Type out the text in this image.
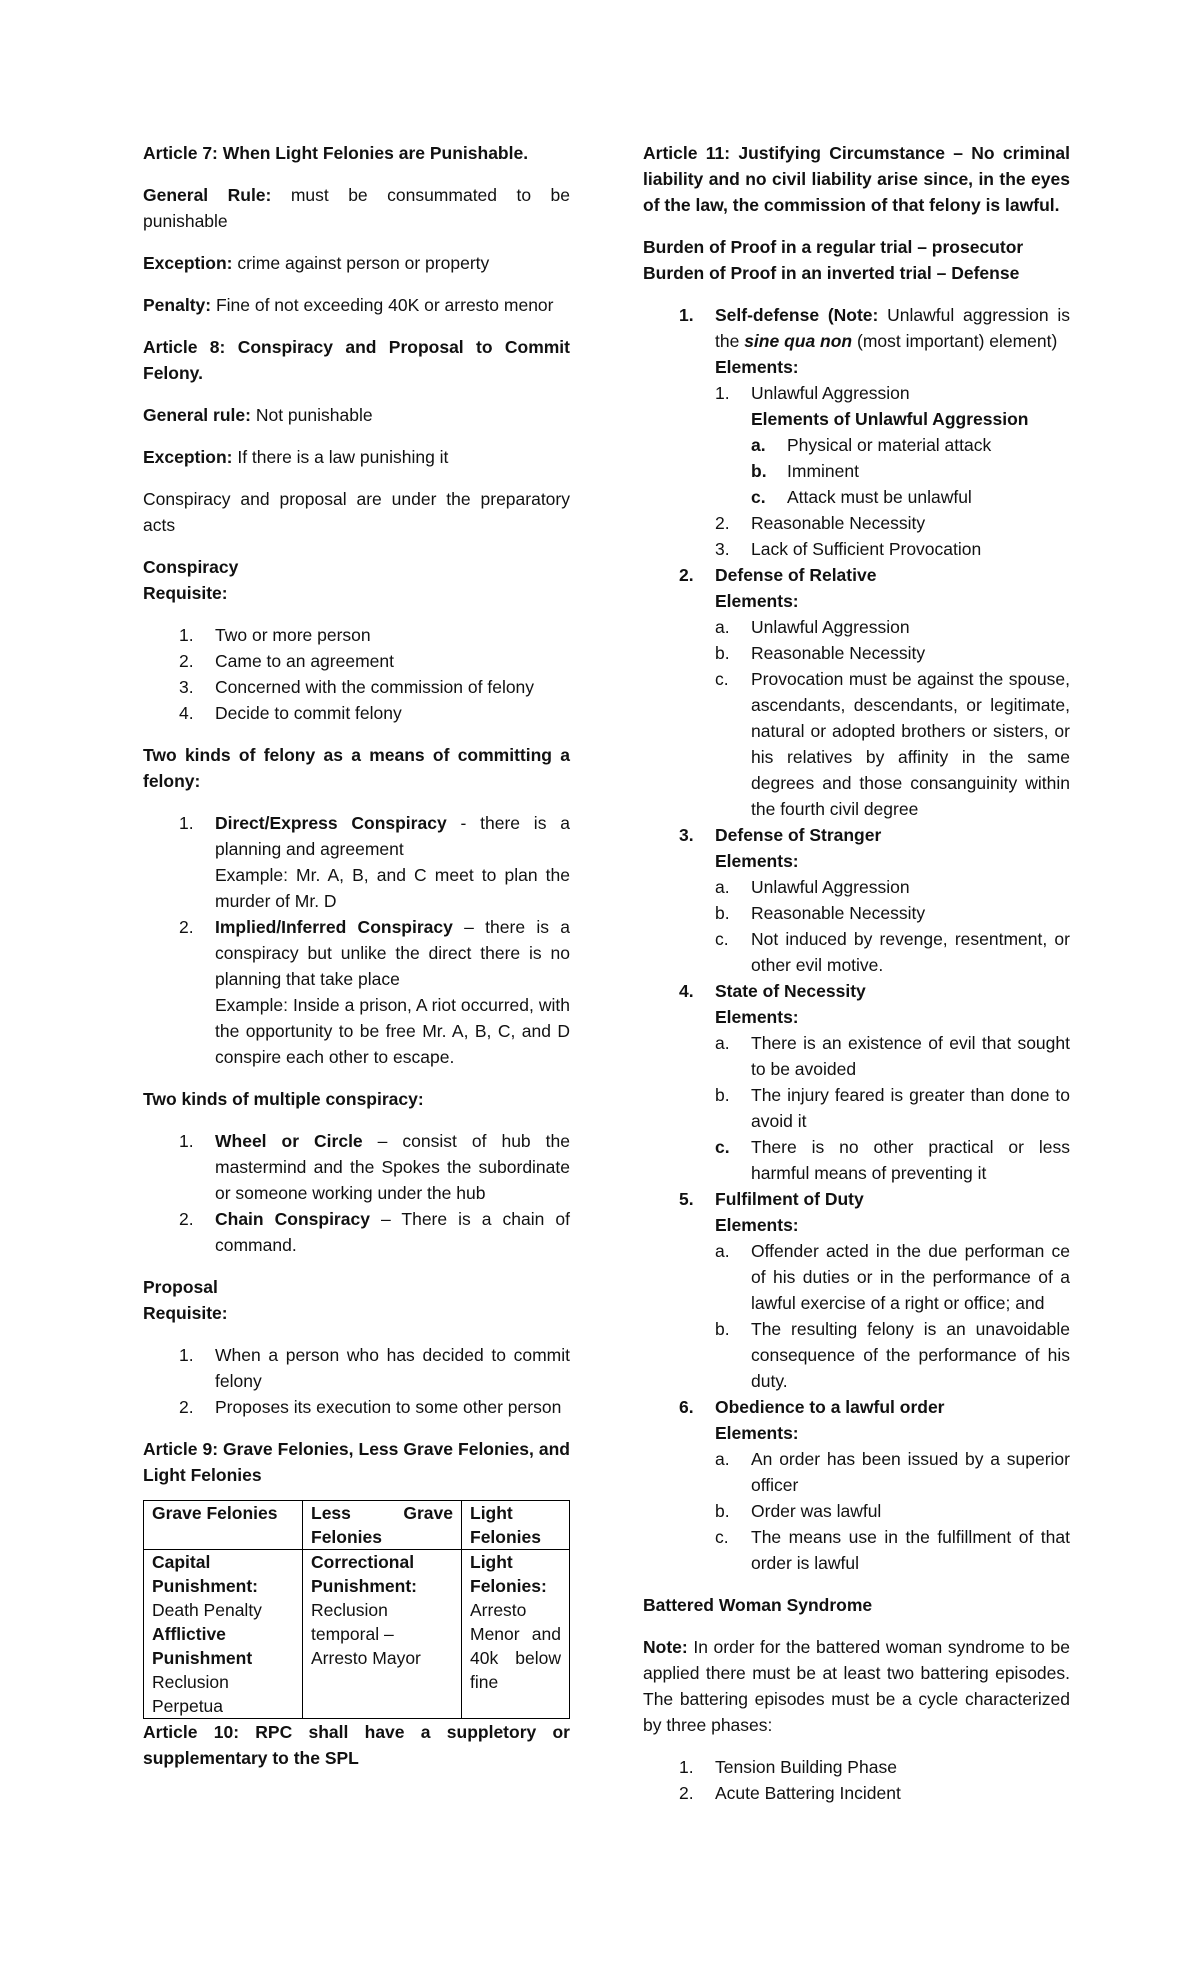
Article 7: When Light Felonies are Punishable.

General Rule: must be consummated to be punishable

Exception: crime against person or property

Penalty: Fine of not exceeding 40K or arresto menor

Article 8: Conspiracy and Proposal to Commit Felony.

General rule: Not punishable

Exception: If there is a law punishing it

Conspiracy and proposal are under the preparatory acts

Conspiracy
Requisite:

1. Two or more person
2. Came to an agreement
3. Concerned with the commission of felony
4. Decide to commit felony

Two kinds of felony as a means of committing a felony:

1. Direct/Express Conspiracy - there is a planning and agreement
Example: Mr. A, B, and C meet to plan the murder of Mr. D
2. Implied/Inferred Conspiracy – there is a conspiracy but unlike the direct there is no planning that take place
Example: Inside a prison, A riot occurred, with the opportunity to be free Mr. A, B, C, and D conspire each other to escape.

Two kinds of multiple conspiracy:

1. Wheel or Circle – consist of hub the mastermind and the Spokes the subordinate or someone working under the hub
2. Chain Conspiracy – There is a chain of command.

Proposal
Requisite:

1. When a person who has decided to commit felony
2. Proposes its execution to some other person

Article 9: Grave Felonies, Less Grave Felonies, and Light Felonies

Grave Felonies	Less Grave Felonies	Light Felonies
Capital Punishment:
Death Penalty
Afflictive Punishment
Reclusion Perpetua	Correctional Punishment:
Reclusion temporal – Arresto Mayor	Light Felonies:
Arresto Menor and 40k below fine

Article 10: RPC shall have a suppletory or supplementary to the SPL

Article 11: Justifying Circumstance – No criminal liability and no civil liability arise since, in the eyes of the law, the commission of that felony is lawful.

Burden of Proof in a regular trial – prosecutor
Burden of Proof in an inverted trial – Defense

1. Self-defense (Note: Unlawful aggression is the sine qua non (most important) element)
Elements:
1. Unlawful Aggression
Elements of Unlawful Aggression
a. Physical or material attack
b. Imminent
c. Attack must be unlawful
2. Reasonable Necessity
3. Lack of Sufficient Provocation
2. Defense of Relative
Elements:
a. Unlawful Aggression
b. Reasonable Necessity
c. Provocation must be against the spouse, ascendants, descendants, or legitimate, natural or adopted brothers or sisters, or his relatives by affinity in the same degrees and those consanguinity within the fourth civil degree
3. Defense of Stranger
Elements:
a. Unlawful Aggression
b. Reasonable Necessity
c. Not induced by revenge, resentment, or other evil motive.
4. State of Necessity
Elements:
a. There is an existence of evil that sought to be avoided
b. The injury feared is greater than done to avoid it
c. There is no other practical or less harmful means of preventing it
5. Fulfilment of Duty
Elements:
a. Offender acted in the due performan ce of his duties or in the performance of a lawful exercise of a right or office; and
b. The resulting felony is an unavoidable consequence of the performance of his duty.
6. Obedience to a lawful order
Elements:
a. An order has been issued by a superior officer
b. Order was lawful
c. The means use in the fulfillment of that order is lawful

Battered Woman Syndrome

Note: In order for the battered woman syndrome to be applied there must be at least two battering episodes. The battering episodes must be a cycle characterized by three phases:

1. Tension Building Phase
2. Acute Battering Incident
